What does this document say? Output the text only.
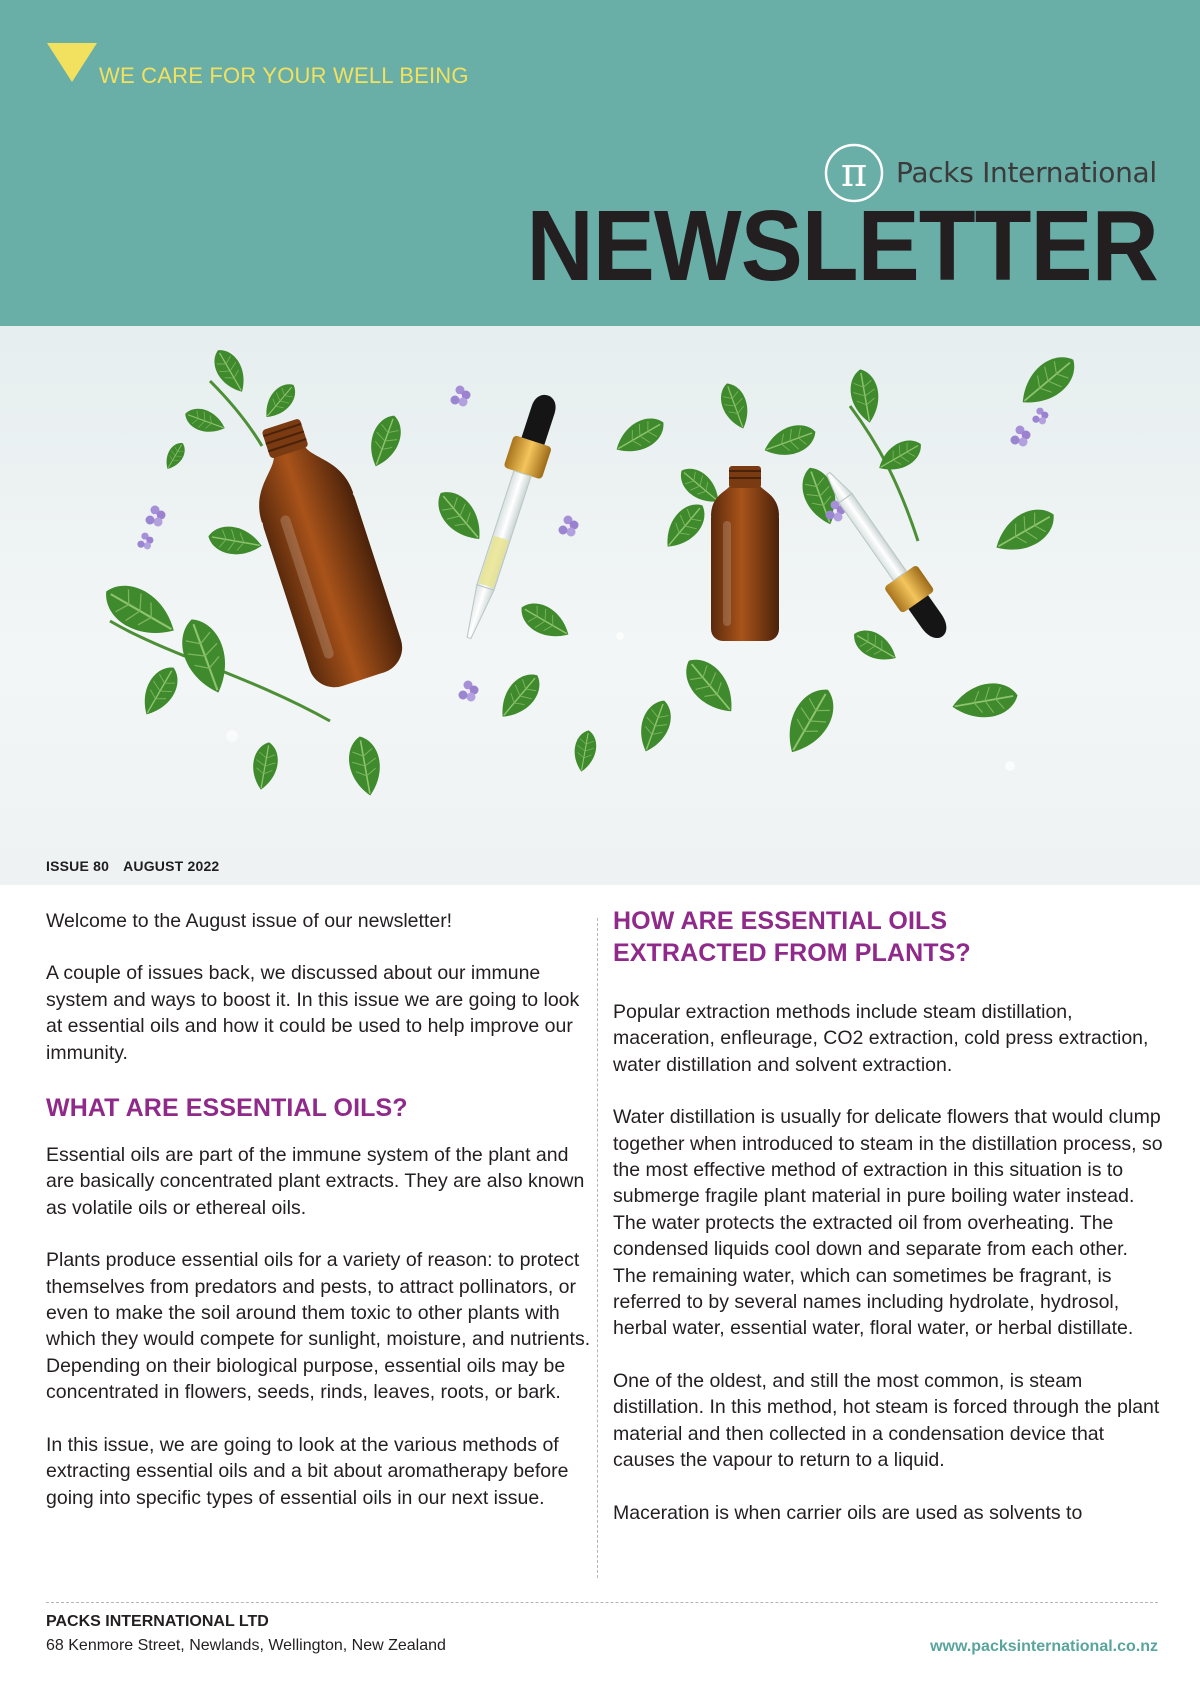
WE CARE FOR YOUR WELL BEING
π Packs International
NEWSLETTER
ISSUE 80 AUGUST 2022

Welcome to the August issue of our newsletter!

A couple of issues back, we discussed about our immune system and ways to boost it. In this issue we are going to look at essential oils and how it could be used to help improve our immunity.

WHAT ARE ESSENTIAL OILS?

Essential oils are part of the immune system of the plant and are basically concentrated plant extracts. They are also known as volatile oils or ethereal oils.

Plants produce essential oils for a variety of reason: to protect themselves from predators and pests, to attract pollinators, or even to make the soil around them toxic to other plants with which they would compete for sunlight, moisture, and nutrients. Depending on their biological purpose, essential oils may be concentrated in flowers, seeds, rinds, leaves, roots, or bark.

In this issue, we are going to look at the various methods of extracting essential oils and a bit about aromatherapy before going into specific types of essential oils in our next issue.

HOW ARE ESSENTIAL OILS
EXTRACTED FROM PLANTS?

Popular extraction methods include steam distillation, maceration, enfleurage, CO2 extraction, cold press extraction, water distillation and solvent extraction.

Water distillation is usually for delicate flowers that would clump together when introduced to steam in the distillation process, so the most effective method of extraction in this situation is to submerge fragile plant material in pure boiling water instead. The water protects the extracted oil from overheating. The condensed liquids cool down and separate from each other. The remaining water, which can sometimes be fragrant, is referred to by several names including hydrolate, hydrosol, herbal water, essential water, floral water, or herbal distillate.

One of the oldest, and still the most common, is steam distillation. In this method, hot steam is forced through the plant material and then collected in a condensation device that causes the vapour to return to a liquid.

Maceration is when carrier oils are used as solvents to

PACKS INTERNATIONAL LTD
68 Kenmore Street, Newlands, Wellington, New Zealand	www.packsinternational.co.nz
